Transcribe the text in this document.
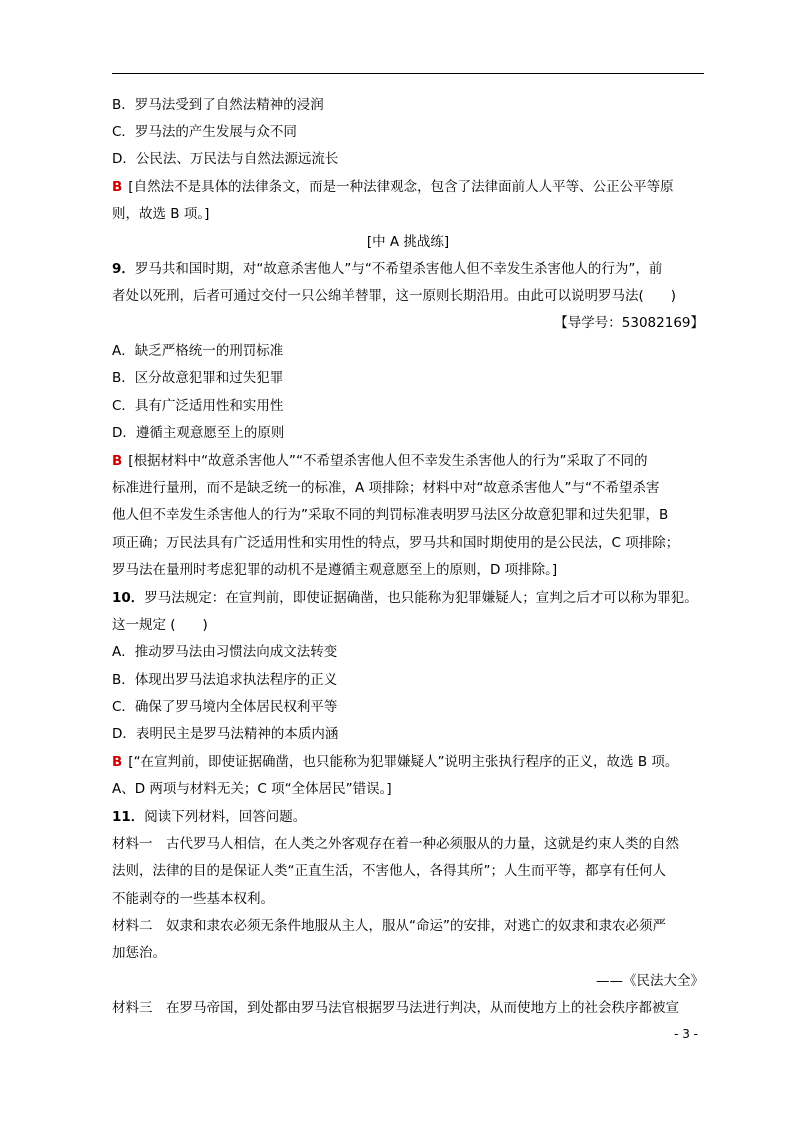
B．罗马法受到了自然法精神的浸润
C．罗马法的产生发展与众不同
D．公民法、万民法与自然法源远流长
B [自然法不是具体的法律条文，而是一种法律观念，包含了法律面前人人平等、公正公平等原
则，故选 B 项。]
[中 A 挑战练]
9．罗马共和国时期，对“故意杀害他人”与“不希望杀害他人但不幸发生杀害他人的行为”，前
者处以死刑，后者可通过交付一只公绵羊替罪，这一原则长期沿用。由此可以说明罗马法(　　)
【导学号：53082169】
A．缺乏严格统一的刑罚标准
B．区分故意犯罪和过失犯罪
C．具有广泛适用性和实用性
D．遵循主观意愿至上的原则
B [根据材料中“故意杀害他人”“不希望杀害他人但不幸发生杀害他人的行为”采取了不同的
标准进行量刑，而不是缺乏统一的标准，A 项排除；材料中对“故意杀害他人”与“不希望杀害
他人但不幸发生杀害他人的行为”采取不同的判罚标准表明罗马法区分故意犯罪和过失犯罪，B
项正确；万民法具有广泛适用性和实用性的特点，罗马共和国时期使用的是公民法，C 项排除；
罗马法在量刑时考虑犯罪的动机不是遵循主观意愿至上的原则，D 项排除。]
10．罗马法规定：在宣判前，即使证据确凿，也只能称为犯罪嫌疑人；宣判之后才可以称为罪犯。
这一规定 (　　)
A．推动罗马法由习惯法向成文法转变
B．体现出罗马法追求执法程序的正义
C．确保了罗马境内全体居民权利平等
D．表明民主是罗马法精神的本质内涵
B [“在宣判前，即使证据确凿，也只能称为犯罪嫌疑人”说明主张执行程序的正义，故选 B 项。
A、D 两项与材料无关；C 项“全体居民”错误。]
11．阅读下列材料，回答问题。
材料一　古代罗马人相信，在人类之外客观存在着一种必须服从的力量，这就是约束人类的自然
法则，法律的目的是保证人类“正直生活，不害他人，各得其所”；人生而平等，都享有任何人
不能剥夺的一些基本权利。
材料二　奴隶和隶农必须无条件地服从主人，服从“命运”的安排，对逃亡的奴隶和隶农必须严
加惩治。
——《民法大全》
材料三　在罗马帝国，到处都由罗马法官根据罗马法进行判决，从而使地方上的社会秩序都被宣
- 3 -
